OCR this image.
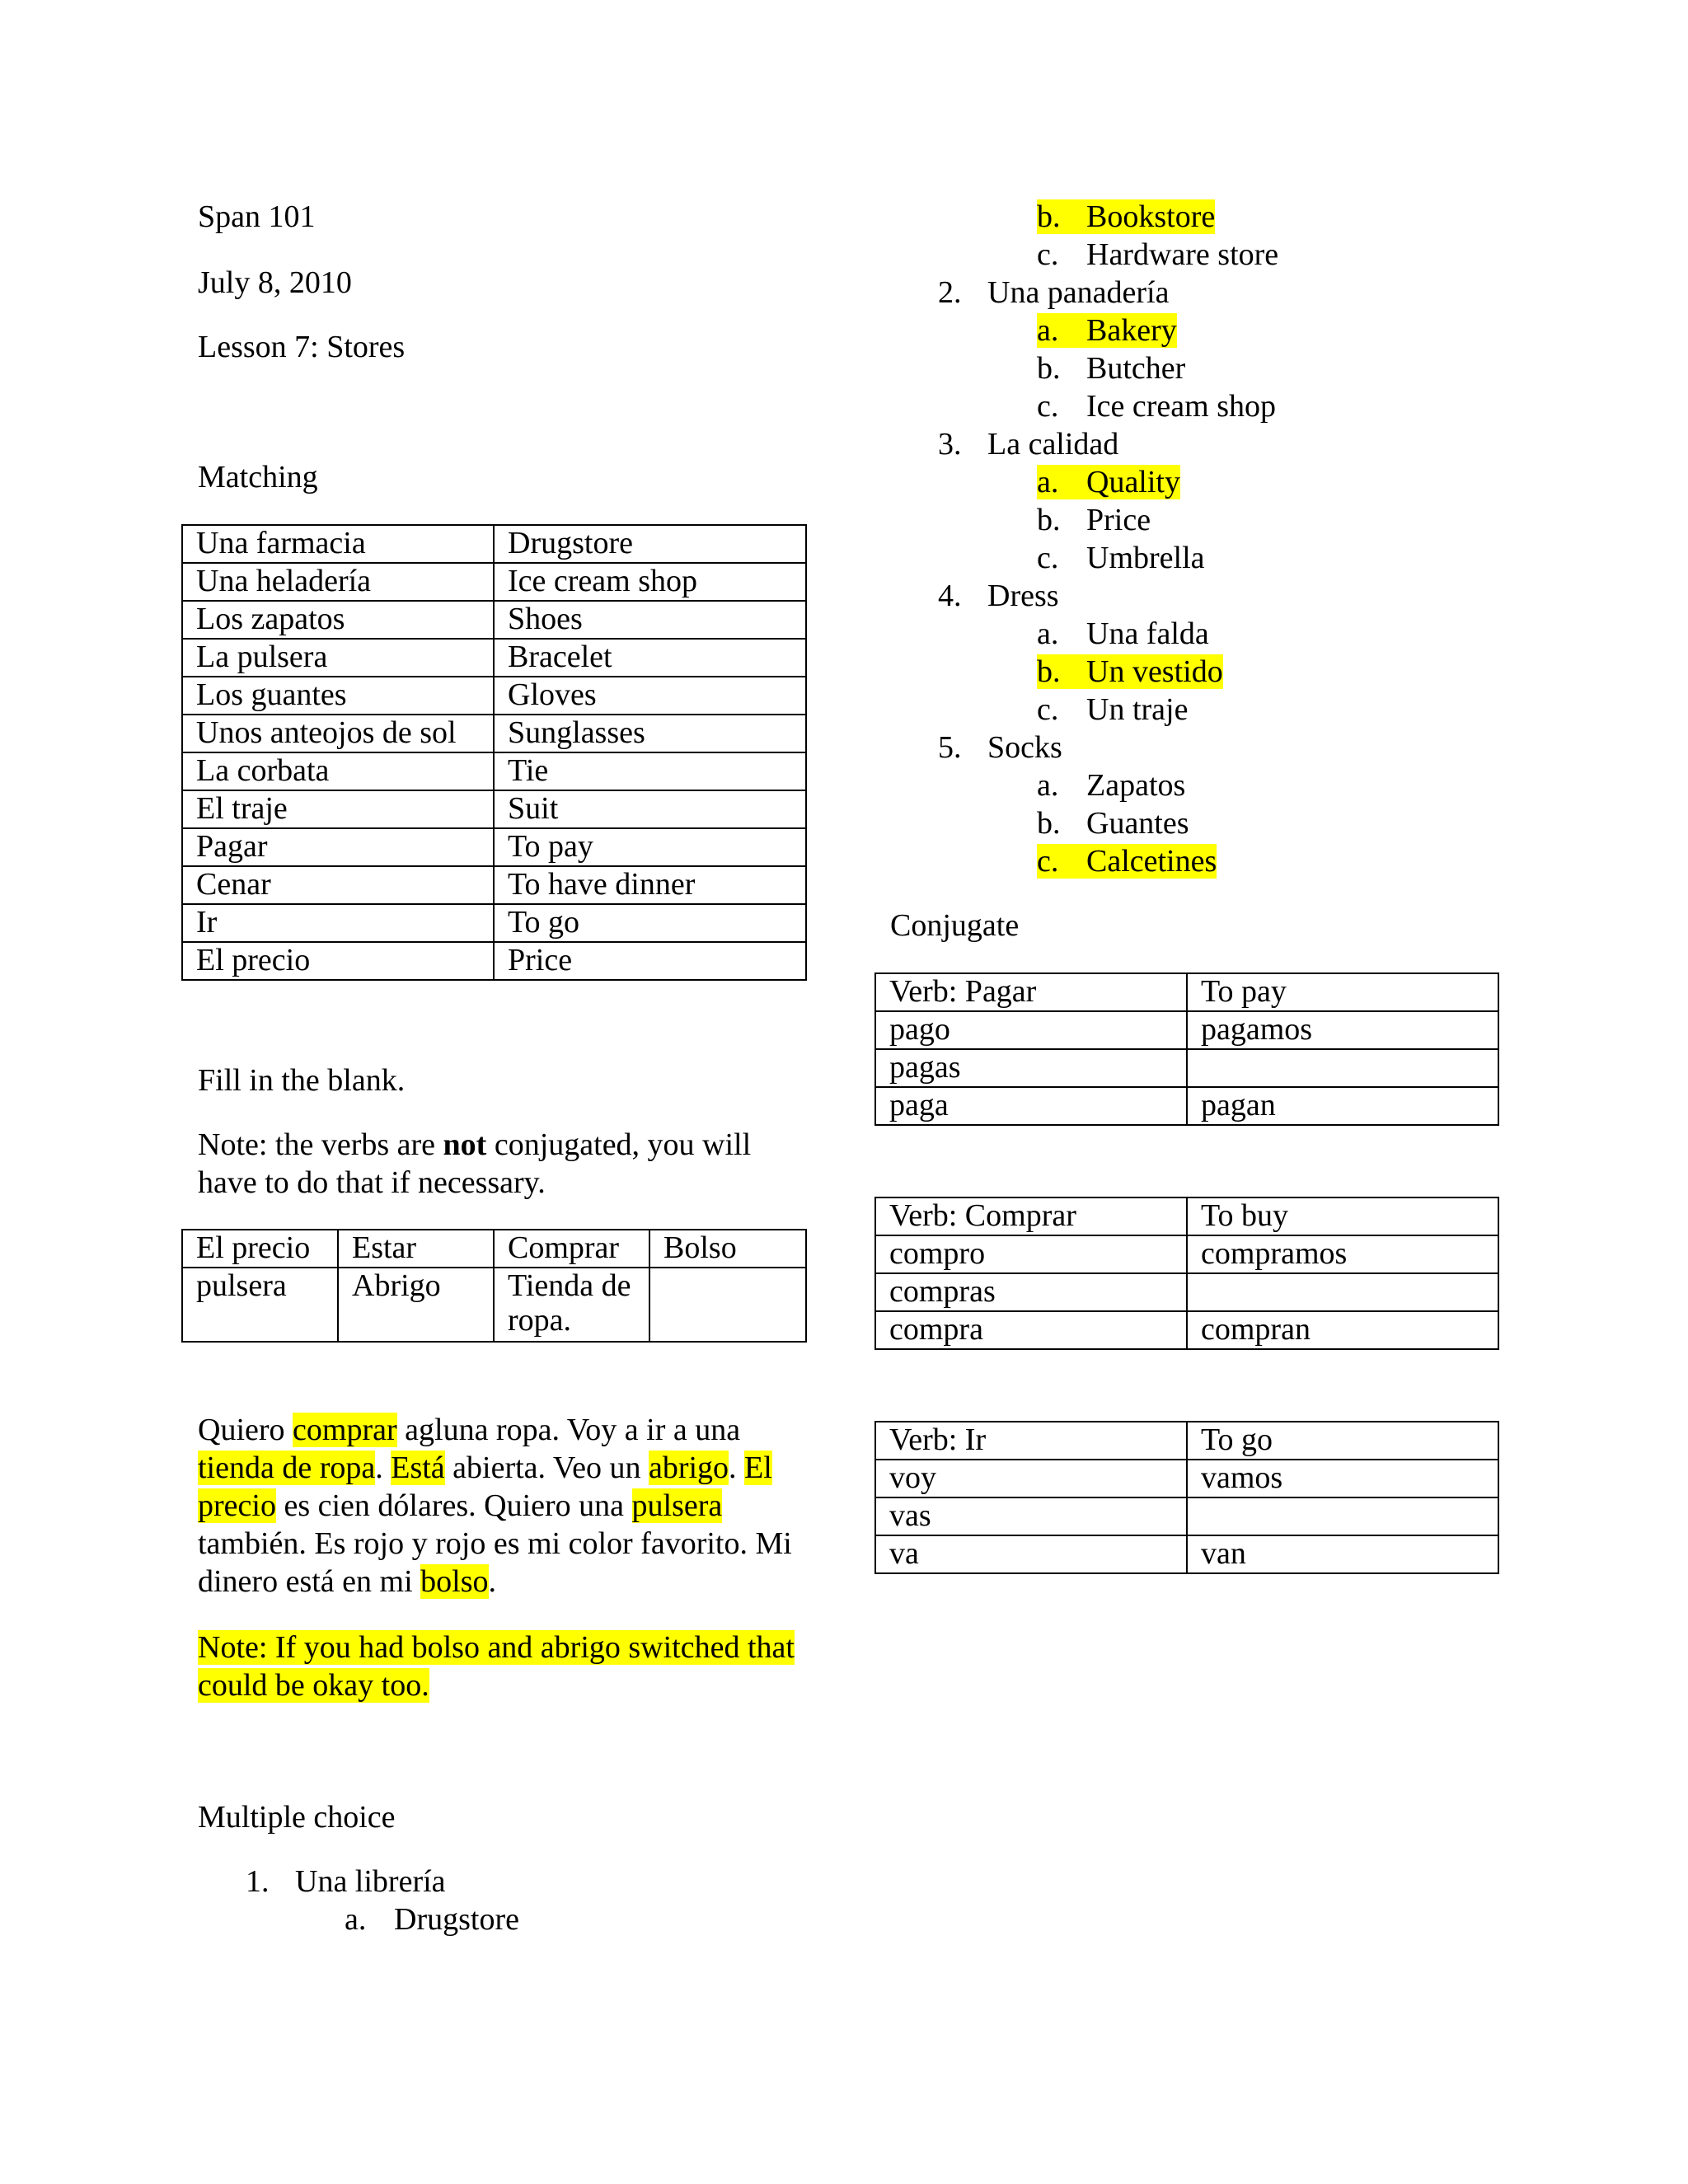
Span 101

July 8, 2010

Lesson 7: Stores

Matching

Una farmacia	Drugstore
Una heladería	Ice cream shop
Los zapatos	Shoes
La pulsera	Bracelet
Los guantes	Gloves
Unos anteojos de sol	Sunglasses
La corbata	Tie
El traje	Suit
Pagar	To pay
Cenar	To have dinner
Ir	To go
El precio	Price

Fill in the blank.

Note: the verbs are not conjugated, you will have to do that if necessary.

El precio	Estar	Comprar	Bolso
pulsera	Abrigo	Tienda de ropa.	

Quiero comprar agluna ropa. Voy a ir a una tienda de ropa. Está abierta. Veo un abrigo. El precio es cien dólares. Quiero una pulsera también. Es rojo y rojo es mi color favorito. Mi dinero está en mi bolso.

Note: If you had bolso and abrigo switched that could be okay too.

Multiple choice

1. Una librería
a. Drugstore
b. Bookstore
c. Hardware store
2. Una panadería
a. Bakery
b. Butcher
c. Ice cream shop
3. La calidad
a. Quality
b. Price
c. Umbrella
4. Dress
a. Una falda
b. Un vestido
c. Un traje
5. Socks
a. Zapatos
b. Guantes
c. Calcetines

Conjugate

Verb: Pagar	To pay
pago	pagamos
pagas	
paga	pagan
Verb: Comprar	To buy
compro	compramos
compras	
compra	compran
Verb: Ir	To go
voy	vamos
vas	
va	van
